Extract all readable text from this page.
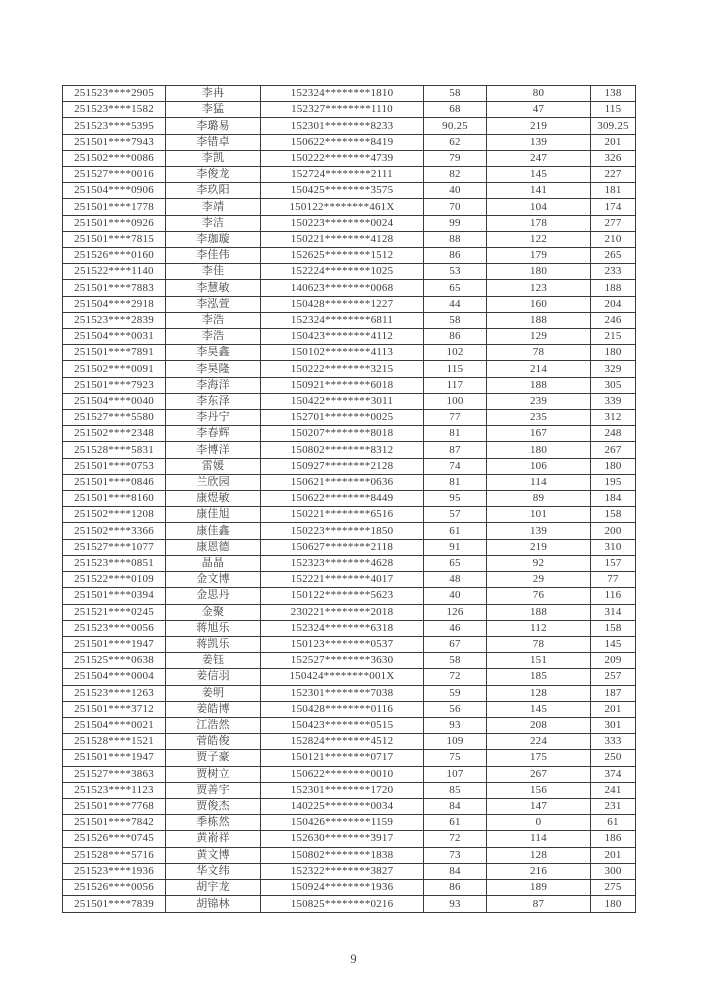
251523****2905	李冉	152324********1810	58	80	138
251523****1582	李猛	152327********1110	68	47	115
251523****5395	李璐易	152301********8233	90.25	219	309.25
251501****7943	李错卓	150622********8419	62	139	201
251502****0086	李凯	150222********4739	79	247	326
251527****0016	李俊龙	152724********2111	82	145	227
251504****0906	李玖阳	150425********3575	40	141	181
251501****1778	李靖	150122********461X	70	104	174
251501****0926	李洁	150223********0024	99	178	277
251501****7815	李珈璇	150221********4128	88	122	210
251526****0160	李佳伟	152625********1512	86	179	265
251522****1140	李佳	152224********1025	53	180	233
251501****7883	李慧敏	140623********0068	65	123	188
251504****2918	李泓萱	150428********1227	44	160	204
251523****2839	李浩	152324********6811	58	188	246
251504****0031	李浩	150423********4112	86	129	215
251501****7891	李昊鑫	150102********4113	102	78	180
251502****0091	李昊隆	150222********3215	115	214	329
251501****7923	李海洋	150921********6018	117	188	305
251504****0040	李东泽	150422********3011	100	239	339
251527****5580	李丹宁	152701********0025	77	235	312
251502****2348	李春辉	150207********8018	81	167	248
251528****5831	李博洋	150802********8312	87	180	267
251501****0753	雷媛	150927********2128	74	106	180
251501****0846	兰欣园	150621********0636	81	114	195
251501****8160	康煜敏	150622********8449	95	89	184
251502****1208	康佳旭	150221********6516	57	101	158
251502****3366	康佳鑫	150223********1850	61	139	200
251527****1077	康恩德	150627********2118	91	219	310
251523****0851	晶晶	152323********4628	65	92	157
251522****0109	金文博	152221********4017	48	29	77
251501****0394	金思丹	150122********5623	40	76	116
251521****0245	金聚	230221********2018	126	188	314
251523****0056	蒋旭乐	152324********6318	46	112	158
251501****1947	蒋凯乐	150123********0537	67	78	145
251525****0638	姜钰	152527********3630	58	151	209
251504****0004	姜信羽	150424********001X	72	185	257
251523****1263	姜明	152301********7038	59	128	187
251501****3712	姜皓博	150428********0116	56	145	201
251504****0021	江浩然	150423********0515	93	208	301
251528****1521	菅皓俊	152824********4512	109	224	333
251501****1947	贾子豪	150121********0717	75	175	250
251527****3863	贾树立	150622********0010	107	267	374
251523****1123	贾善宇	152301********1720	85	156	241
251501****7768	贾俊杰	140225********0034	84	147	231
251501****7842	季栋然	150426********1159	61	0	61
251526****0745	黄嵛祥	152630********3917	72	114	186
251528****5716	黄文博	150802********1838	73	128	201
251523****1936	华文纬	152322********3827	84	216	300
251526****0056	胡宇龙	150924********1936	86	189	275
251501****7839	胡锦林	150825********0216	93	87	180
9
